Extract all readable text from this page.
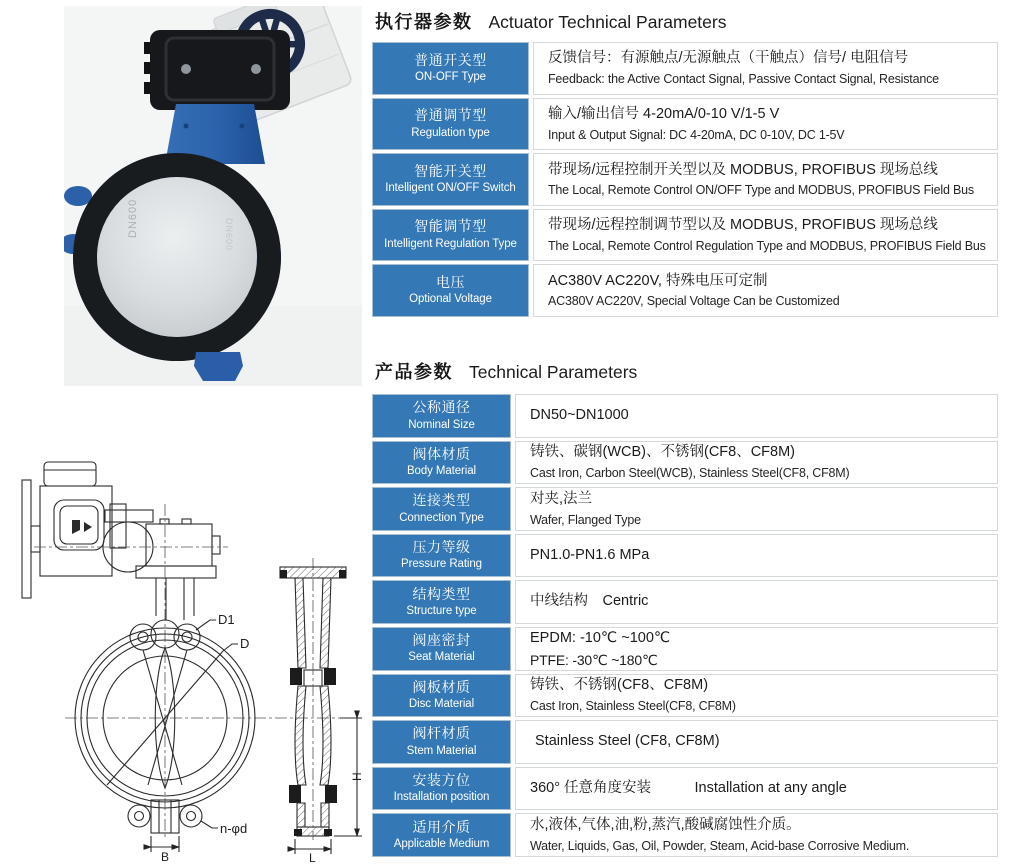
DN600	DN600
执行器参数 Actuator Technical Parameters
普通开关型
ON-OFF Type
反馈信号：有源触点/无源触点（干触点）信号/ 电阻信号
Feedback: the Active Contact Signal, Passive Contact Signal, Resistance
普通调节型
Regulation type
输入/输出信号 4-20mA/0-10 V/1-5 V
Input & Output Signal: DC 4-20mA, DC 0-10V, DC 1-5V
智能开关型
Intelligent ON/OFF Switch
带现场/远程控制开关型以及 MODBUS, PROFIBUS 现场总线
The Local, Remote Control ON/OFF Type and MODBUS, PROFIBUS Field Bus
智能调节型
Intelligent Regulation Type
带现场/远程控制调节型以及 MODBUS, PROFIBUS 现场总线
The Local, Remote Control Regulation Type and MODBUS, PROFIBUS Field Bus
电压
Optional Voltage
AC380V AC220V, 特殊电压可定制
AC380V AC220V, Special Voltage Can be Customized
产品参数 Technical Parameters
公称通径
Nominal Size
DN50~DN1000
阀体材质
Body Material
铸铁、碳钢(WCB)、不锈钢(CF8、CF8M)
Cast Iron, Carbon Steel(WCB), Stainless Steel(CF8, CF8M)
连接类型
Connection Type
对夹,法兰
Wafer, Flanged Type
压力等级
Pressure Rating
PN1.0-PN1.6 MPa
结构类型
Structure type
中线结构　Centric
阀座密封
Seat Material
EPDM: -10℃ ~100℃
PTFE: -30℃ ~180℃
阀板材质
Disc Material
铸铁、不锈钢(CF8、CF8M)
Cast Iron, Stainless Steel(CF8, CF8M)
阀杆材质
Stem Material
Stainless Steel (CF8, CF8M)
安装方位
Installation position
360° 任意角度安装　　　Installation at any angle
适用介质
Applicable Medium
水,液体,气体,油,粉,蒸汽,酸碱腐蚀性介质。
Water, Liquids, Gas, Oil, Powder, Steam, Acid-base Corrosive Medium.
D1
D
n-φd
B
H
L
